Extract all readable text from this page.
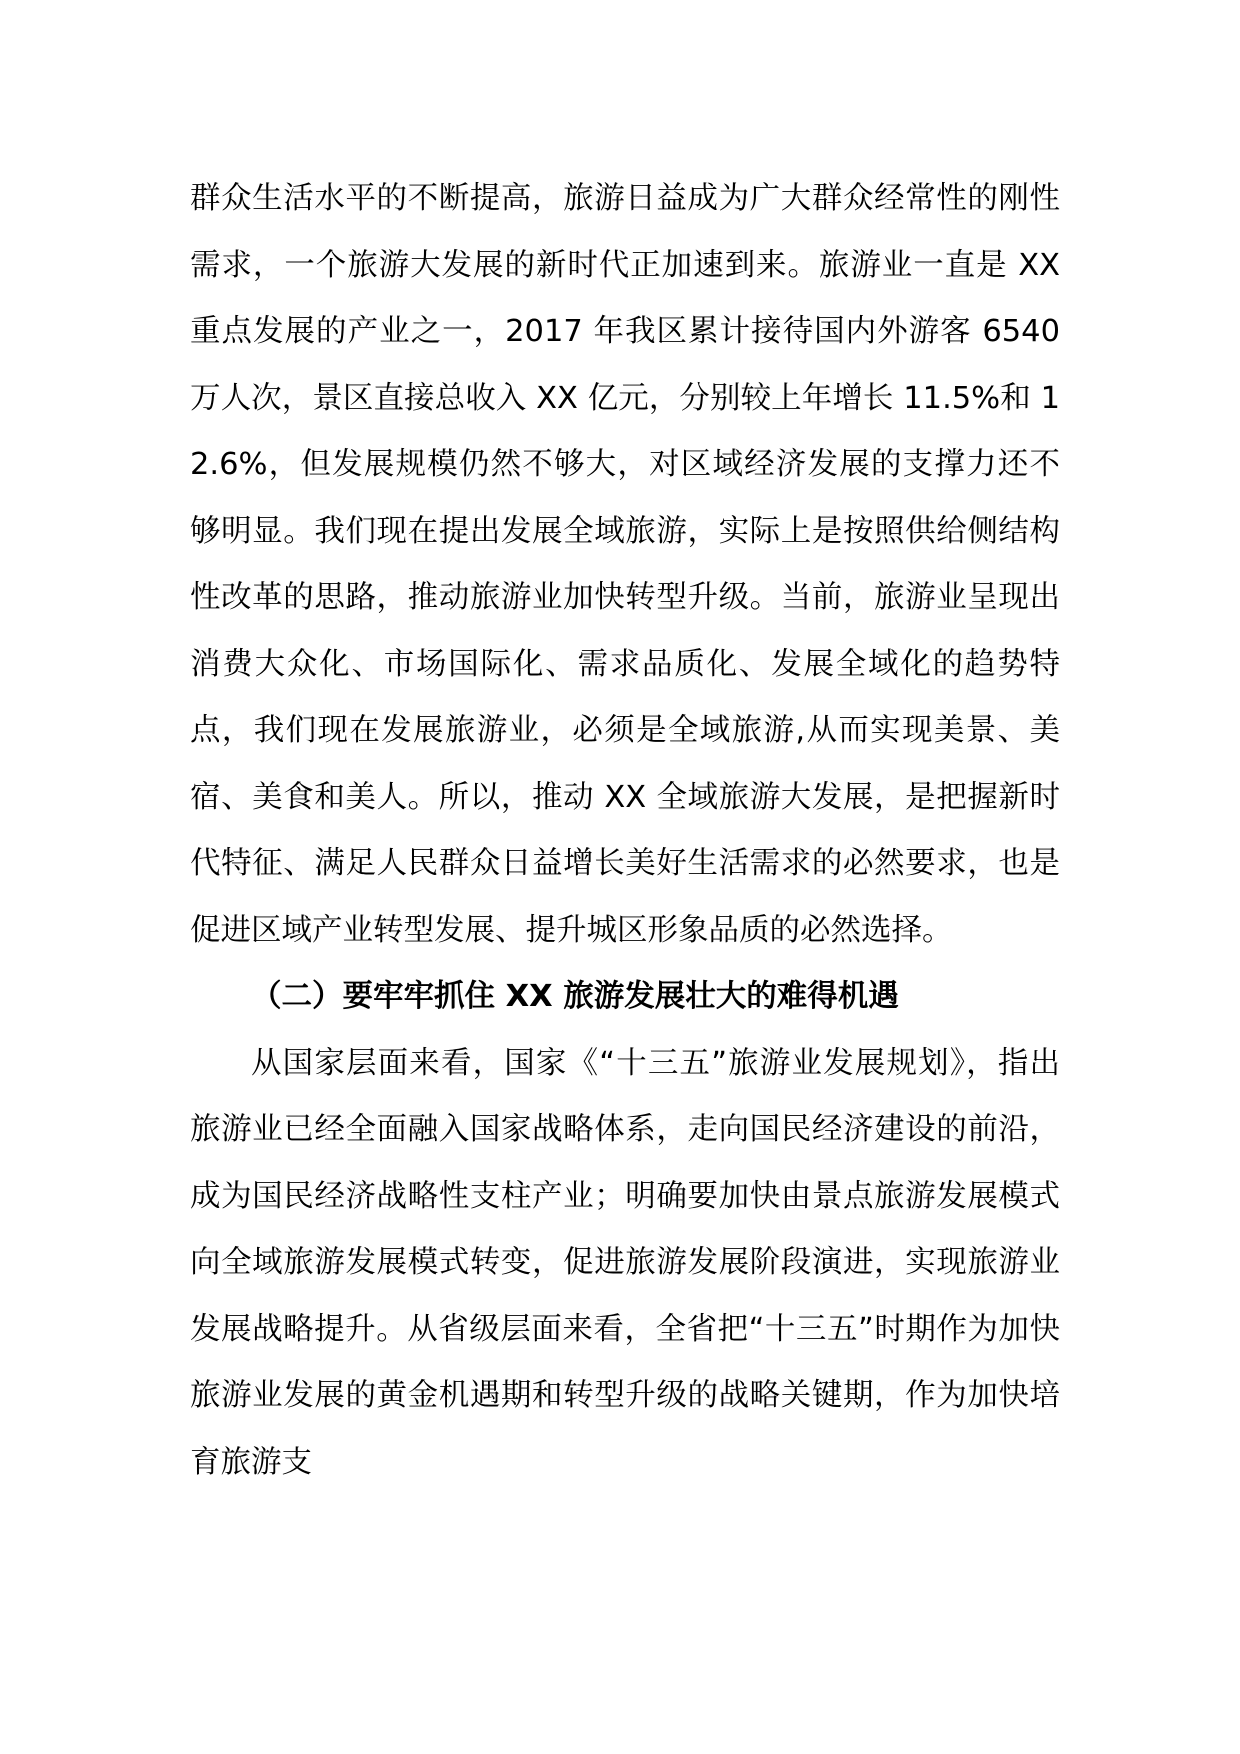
群众生活水平的不断提高，旅游日益成为广大群众经常性的刚性需求，一个旅游大发展的新时代正加速到来。旅游业一直是 XX 重点发展的产业之一，2017 年我区累计接待国内外游客 6540 万人次，景区直接总收入 XX 亿元，分别较上年增长 11.5%和 12.6%，但发展规模仍然不够大，对区域经济发展的支撑力还不够明显。我们现在提出发展全域旅游，实际上是按照供给侧结构性改革的思路，推动旅游业加快转型升级。当前，旅游业呈现出消费大众化、市场国际化、需求品质化、发展全域化的趋势特点，我们现在发展旅游业，必须是全域旅游,从而实现美景、美宿、美食和美人。所以，推动 XX 全域旅游大发展，是把握新时代特征、满足人民群众日益增长美好生活需求的必然要求，也是促进区域产业转型发展、提升城区形象品质的必然选择。

（二）要牢牢抓住 XX 旅游发展壮大的难得机遇

从国家层面来看，国家《“十三五”旅游业发展规划》，指出旅游业已经全面融入国家战略体系，走向国民经济建设的前沿，成为国民经济战略性支柱产业；明确要加快由景点旅游发展模式向全域旅游发展模式转变，促进旅游发展阶段演进，实现旅游业发展战略提升。从省级层面来看，全省把“十三五”时期作为加快旅游业发展的黄金机遇期和转型升级的战略关键期，作为加快培育旅游支
